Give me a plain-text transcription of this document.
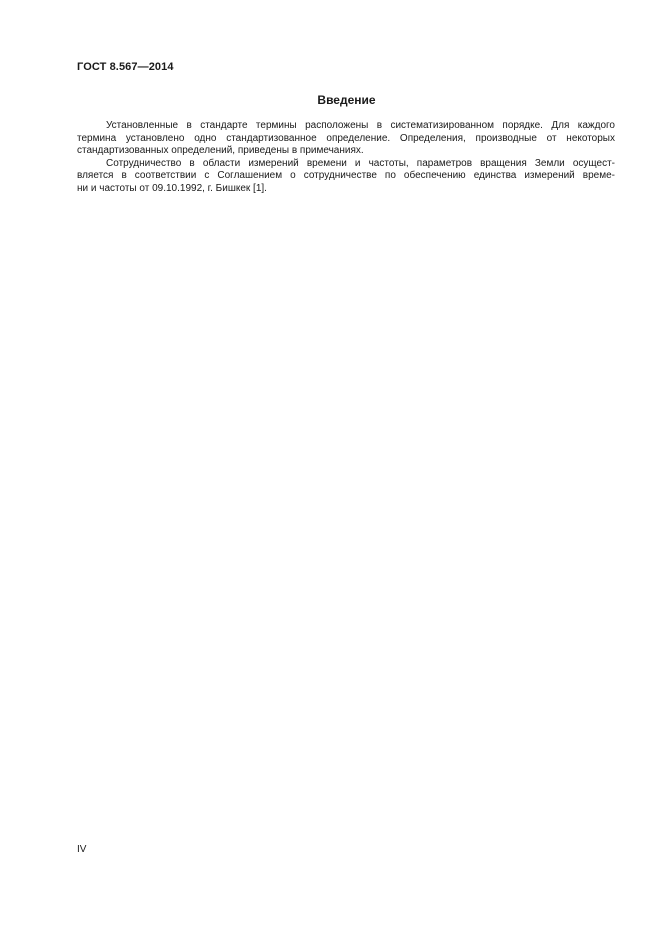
ГОСТ 8.567—2014
Введение
Установленные в стандарте термины расположены в систематизированном порядке. Для каждого
термина установлено одно стандартизованное определение. Определения, производные от некоторых
стандартизованных определений, приведены в примечаниях.
Сотрудничество в области измерений времени и частоты, параметров вращения Земли осущест-
вляется в соответствии с Соглашением о сотрудничестве по обеспечению единства измерений време-
ни и частоты от 09.10.1992, г. Бишкек [1].
IV
